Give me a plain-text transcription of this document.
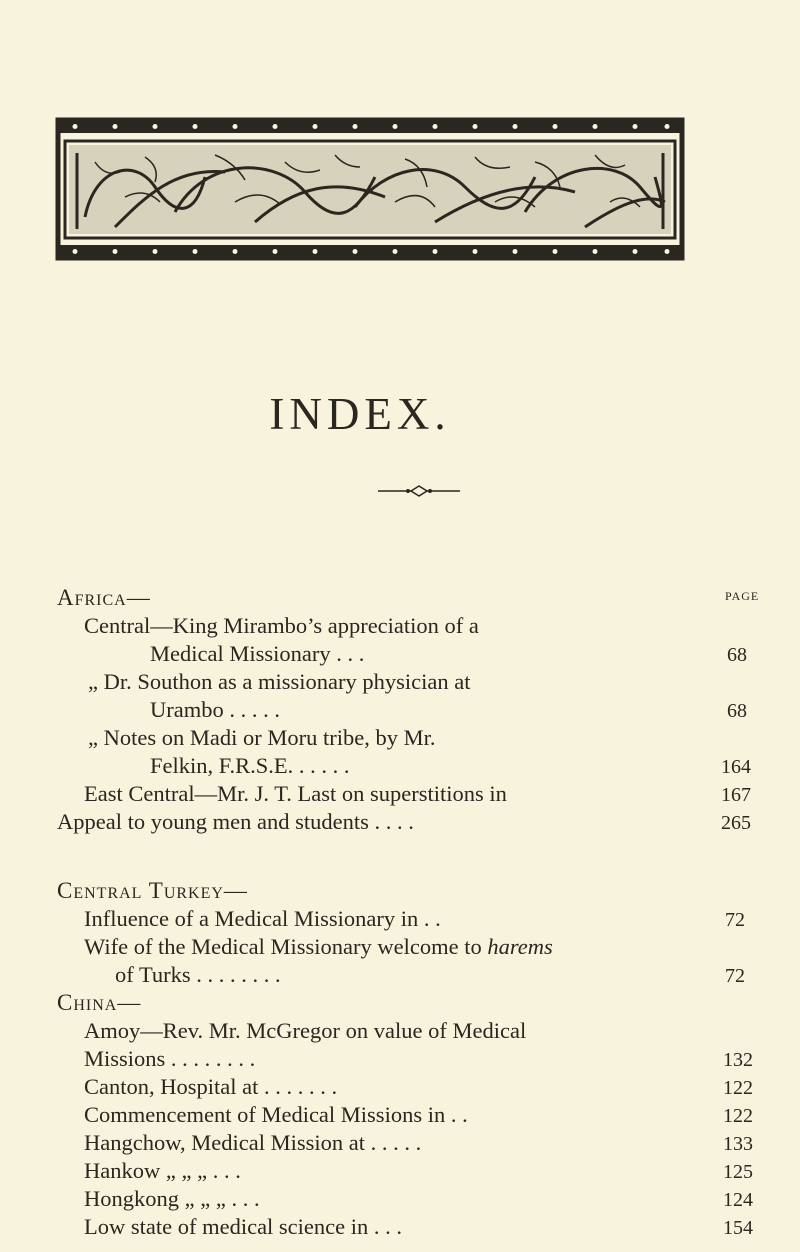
INDEX.
Africa—	PAGE
Central—King Mirambo’s appreciation of a
Medical Missionary . . .	68
„ Dr. Southon as a missionary physician at
Urambo . . . . .	68
„ Notes on Madi or Moru tribe, by Mr.
Felkin, F.R.S.E. . . . . .	164
East Central—Mr. J. T. Last on superstitions in	167
Appeal to young men and students . . . .	265
Central Turkey—
Influence of a Medical Missionary in . .	72
Wife of the Medical Missionary welcome to harems
of Turks . . . . . . . .	72
China—
Amoy—Rev. Mr. McGregor on value of Medical
Missions . . . . . . . .	132
Canton, Hospital at . . . . . . .	122
Commencement of Medical Missions in . .	122
Hangchow, Medical Mission at . . . . .	133
Hankow „ „ „ . . .	125
Hongkong „ „ „ . . .	124
Low state of medical science in . . .	154
